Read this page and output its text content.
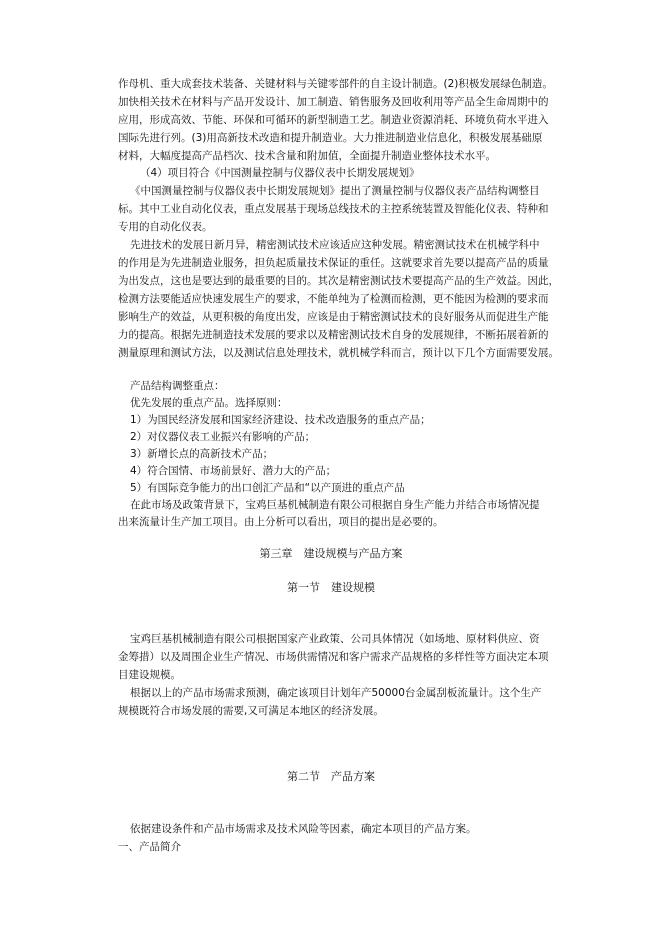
作母机、重大成套技术装备、关键材料与关键零部件的自主设计制造。(2)积极发展绿色制造。
加快相关技术在材料与产品开发设计、加工制造、销售服务及回收利用等产品全生命周期中的
应用，形成高效、节能、环保和可循环的新型制造工艺。制造业资源消耗、环境负荷水平进入
国际先进行列。(3)用高新技术改造和提升制造业。大力推进制造业信息化，积极发展基础原
材料，大幅度提高产品档次、技术含量和附加值，全面提升制造业整体技术水平。
（4）项目符合《中国测量控制与仪器仪表中长期发展规划》
《中国测量控制与仪器仪表中长期发展规划》提出了测量控制与仪器仪表产品结构调整目
标。其中工业自动化仪表，重点发展基于现场总线技术的主控系统装置及智能化仪表、特种和
专用的自动化仪表。
先进技术的发展日新月异，精密测试技术应该适应这种发展。精密测试技术在机械学科中
的作用是为先进制造业服务，担负起质量技术保证的重任。这就要求首先要以提高产品的质量
为出发点，这也是要达到的最重要的目的。其次是精密测试技术要提高产品的生产效益。因此，
检测方法要能适应快速发展生产的要求，不能单纯为了检测而检测，更不能因为检测的要求而
影响生产的效益，从更积极的角度出发，应该是由于精密测试技术的良好服务从而促进生产能
力的提高。根据先进制造技术发展的要求以及精密测试技术自身的发展规律，不断拓展着新的
测量原理和测试方法，以及测试信息处理技术，就机械学科而言，预计以下几个方面需要发展。
产品结构调整重点：
优先发展的重点产品。选择原则：
1）为国民经济发展和国家经济建设、技术改造服务的重点产品；
2）对仪器仪表工业振兴有影响的产品；
3）新增长点的高新技术产品；
4）符合国情、市场前景好、潜力大的产品；
5）有国际竞争能力的出口创汇产品和“以产顶进的重点产品
在此市场及政策背景下，宝鸡巨基机械制造有限公司根据自身生产能力并结合市场情况提
出来流量计生产加工项目。由上分析可以看出，项目的提出是必要的。
第三章　建设规模与产品方案
第一节　建设规模
宝鸡巨基机械制造有限公司根据国家产业政策、公司具体情况（如场地、原材料供应、资
金筹措）以及周围企业生产情况、市场供需情况和客户需求产品规格的多样性等方面决定本项
目建设规模。
根据以上的产品市场需求预测，确定该项目计划年产50000台金属刮板流量计。这个生产
规模既符合市场发展的需要,又可满足本地区的经济发展。
第二节　产品方案
依据建设条件和产品市场需求及技术风险等因素，确定本项目的产品方案。
一、产品简介
